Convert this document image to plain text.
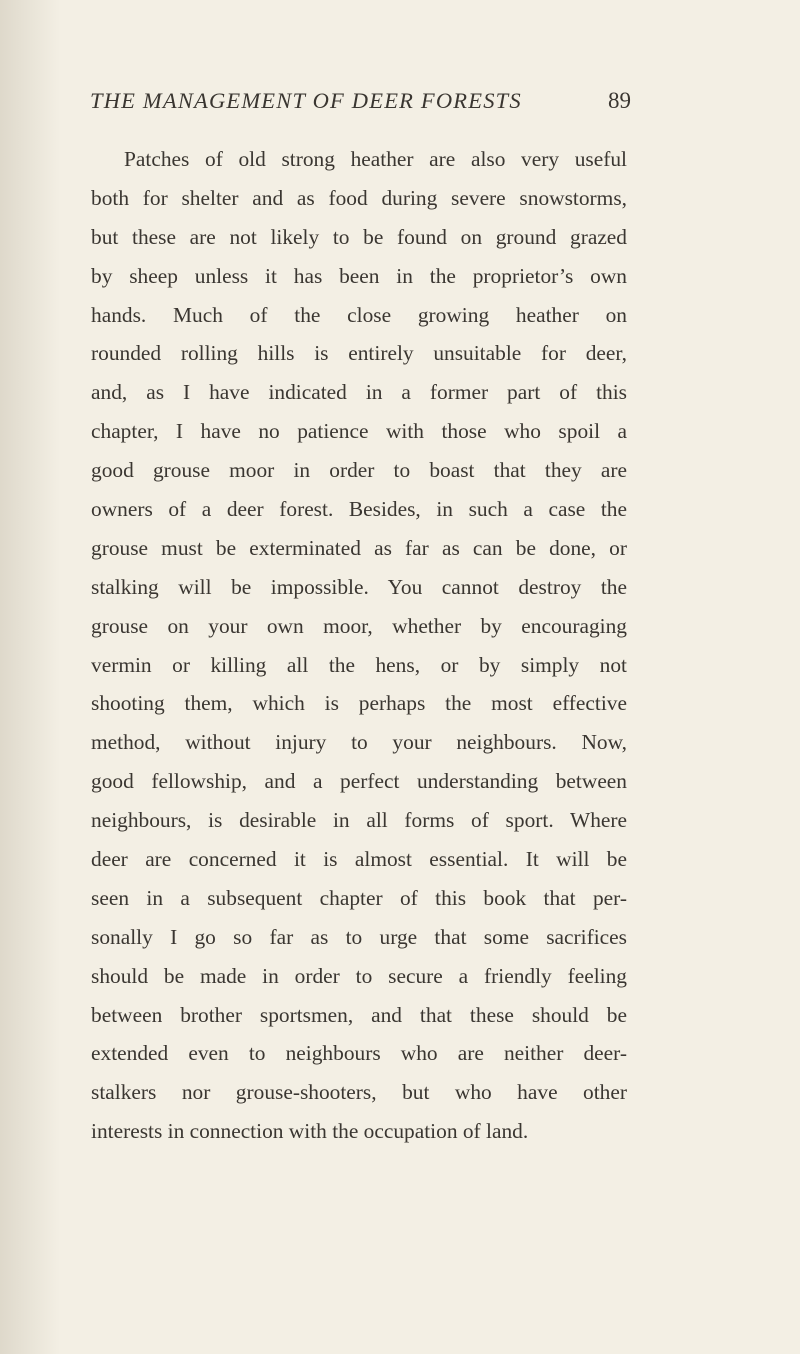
THE MANAGEMENT OF DEER FORESTS	89
Patches of old strong heather are also very useful
both for shelter and as food during severe snowstorms,
but these are not likely to be found on ground grazed
by sheep unless it has been in the proprietor’s own
hands. Much of the close growing heather on
rounded rolling hills is entirely unsuitable for deer,
and, as I have indicated in a former part of this
chapter, I have no patience with those who spoil a
good grouse moor in order to boast that they are
owners of a deer forest. Besides, in such a case the
grouse must be exterminated as far as can be done, or
stalking will be impossible. You cannot destroy the
grouse on your own moor, whether by encouraging
vermin or killing all the hens, or by simply not
shooting them, which is perhaps the most effective
method, without injury to your neighbours. Now,
good fellowship, and a perfect understanding between
neighbours, is desirable in all forms of sport. Where
deer are concerned it is almost essential. It will be
seen in a subsequent chapter of this book that per-
sonally I go so far as to urge that some sacrifices
should be made in order to secure a friendly feeling
between brother sportsmen, and that these should be
extended even to neighbours who are neither deer-
stalkers nor grouse-shooters, but who have other
interests in connection with the occupation of land.
